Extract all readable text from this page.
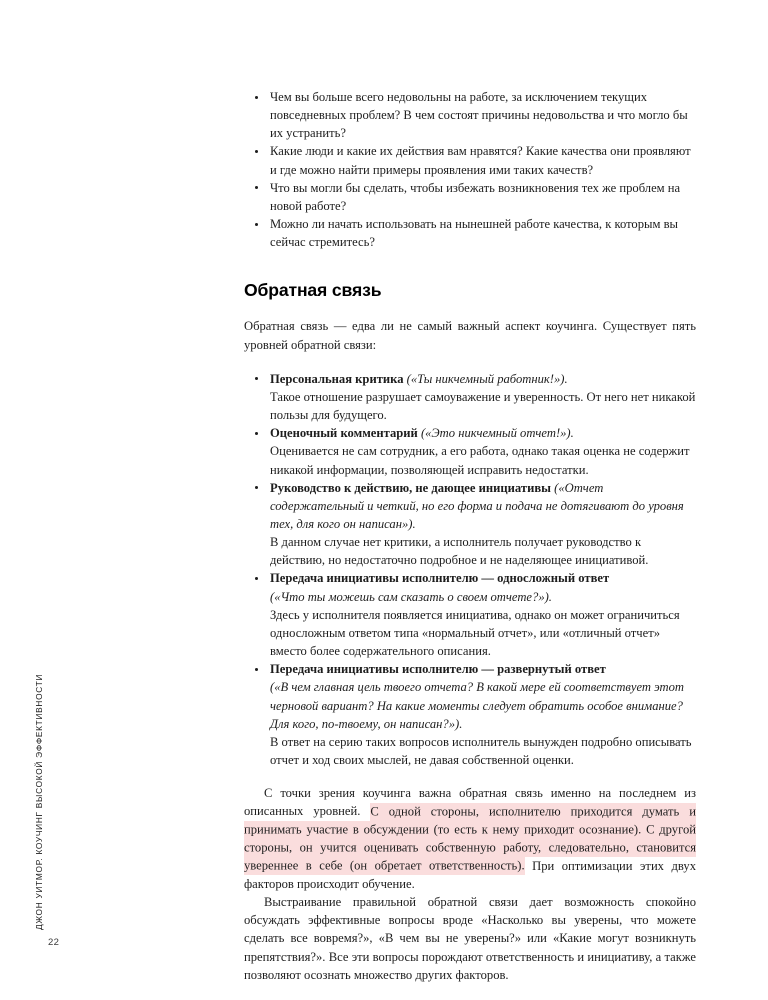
ДЖОН УИТМОР. КОУЧИНГ ВЫСОКОЙ ЭФФЕКТИВНОСТИ
22
Чем вы больше всего недовольны на работе, за исключением текущих повседневных проблем? В чем состоят причины недовольства и что могло бы их устранить?
Какие люди и какие их действия вам нравятся? Какие качества они проявляют и где можно найти примеры проявления ими таких качеств?
Что вы могли бы сделать, чтобы избежать возникновения тех же проблем на новой работе?
Можно ли начать использовать на нынешней работе качества, к которым вы сейчас стремитесь?
Обратная связь

Обратная связь — едва ли не самый важный аспект коучинга. Существует пять уровней обратной связи:

Персональная критика («Ты никчемный работник!»).
Такое отношение разрушает самоуважение и уверенность. От него нет никакой пользы для будущего.
Оценочный комментарий («Это никчемный отчет!»).
Оценивается не сам сотрудник, а его работа, однако такая оценка не содержит никакой информации, позволяющей исправить недостатки.
Руководство к действию, не дающее инициативы («Отчет содержательный и четкий, но его форма и подача не дотягивают до уровня тех, для кого он написан»).
В данном случае нет критики, а исполнитель получает руководство к действию, но недостаточно подробное и не наделяющее инициативой.
Передача инициативы исполнителю — односложный ответ
(«Что ты можешь сам сказать о своем отчете?»).
Здесь у исполнителя появляется инициатива, однако он может ограничиться односложным ответом типа «нормальный отчет», или «отличный отчет» вместо более содержательного описания.
Передача инициативы исполнителю — развернутый ответ
(«В чем главная цель твоего отчета? В какой мере ей соответствует этот черновой вариант? На какие моменты следует обратить особое внимание? Для кого, по-твоему, он написан?»).
В ответ на серию таких вопросов исполнитель вынужден подробно описывать отчет и ход своих мыслей, не давая собственной оценки.

С точки зрения коучинга важна обратная связь именно на последнем из описанных уровней. С одной стороны, исполнителю приходится думать и принимать участие в обсуждении (то есть к нему приходит осознание). С другой стороны, он учится оценивать собственную работу, следовательно, становится увереннее в себе (он обретает ответственность). При оптимизации этих двух факторов происходит обучение.

Выстраивание правильной обратной связи дает возможность спокойно обсуждать эффективные вопросы вроде «Насколько вы уверены, что можете сделать все вовремя?», «В чем вы не уверены?» или «Какие могут возникнуть препятствия?». Все эти вопросы порождают ответственность и инициативу, а также позволяют осознать множество других факторов.
